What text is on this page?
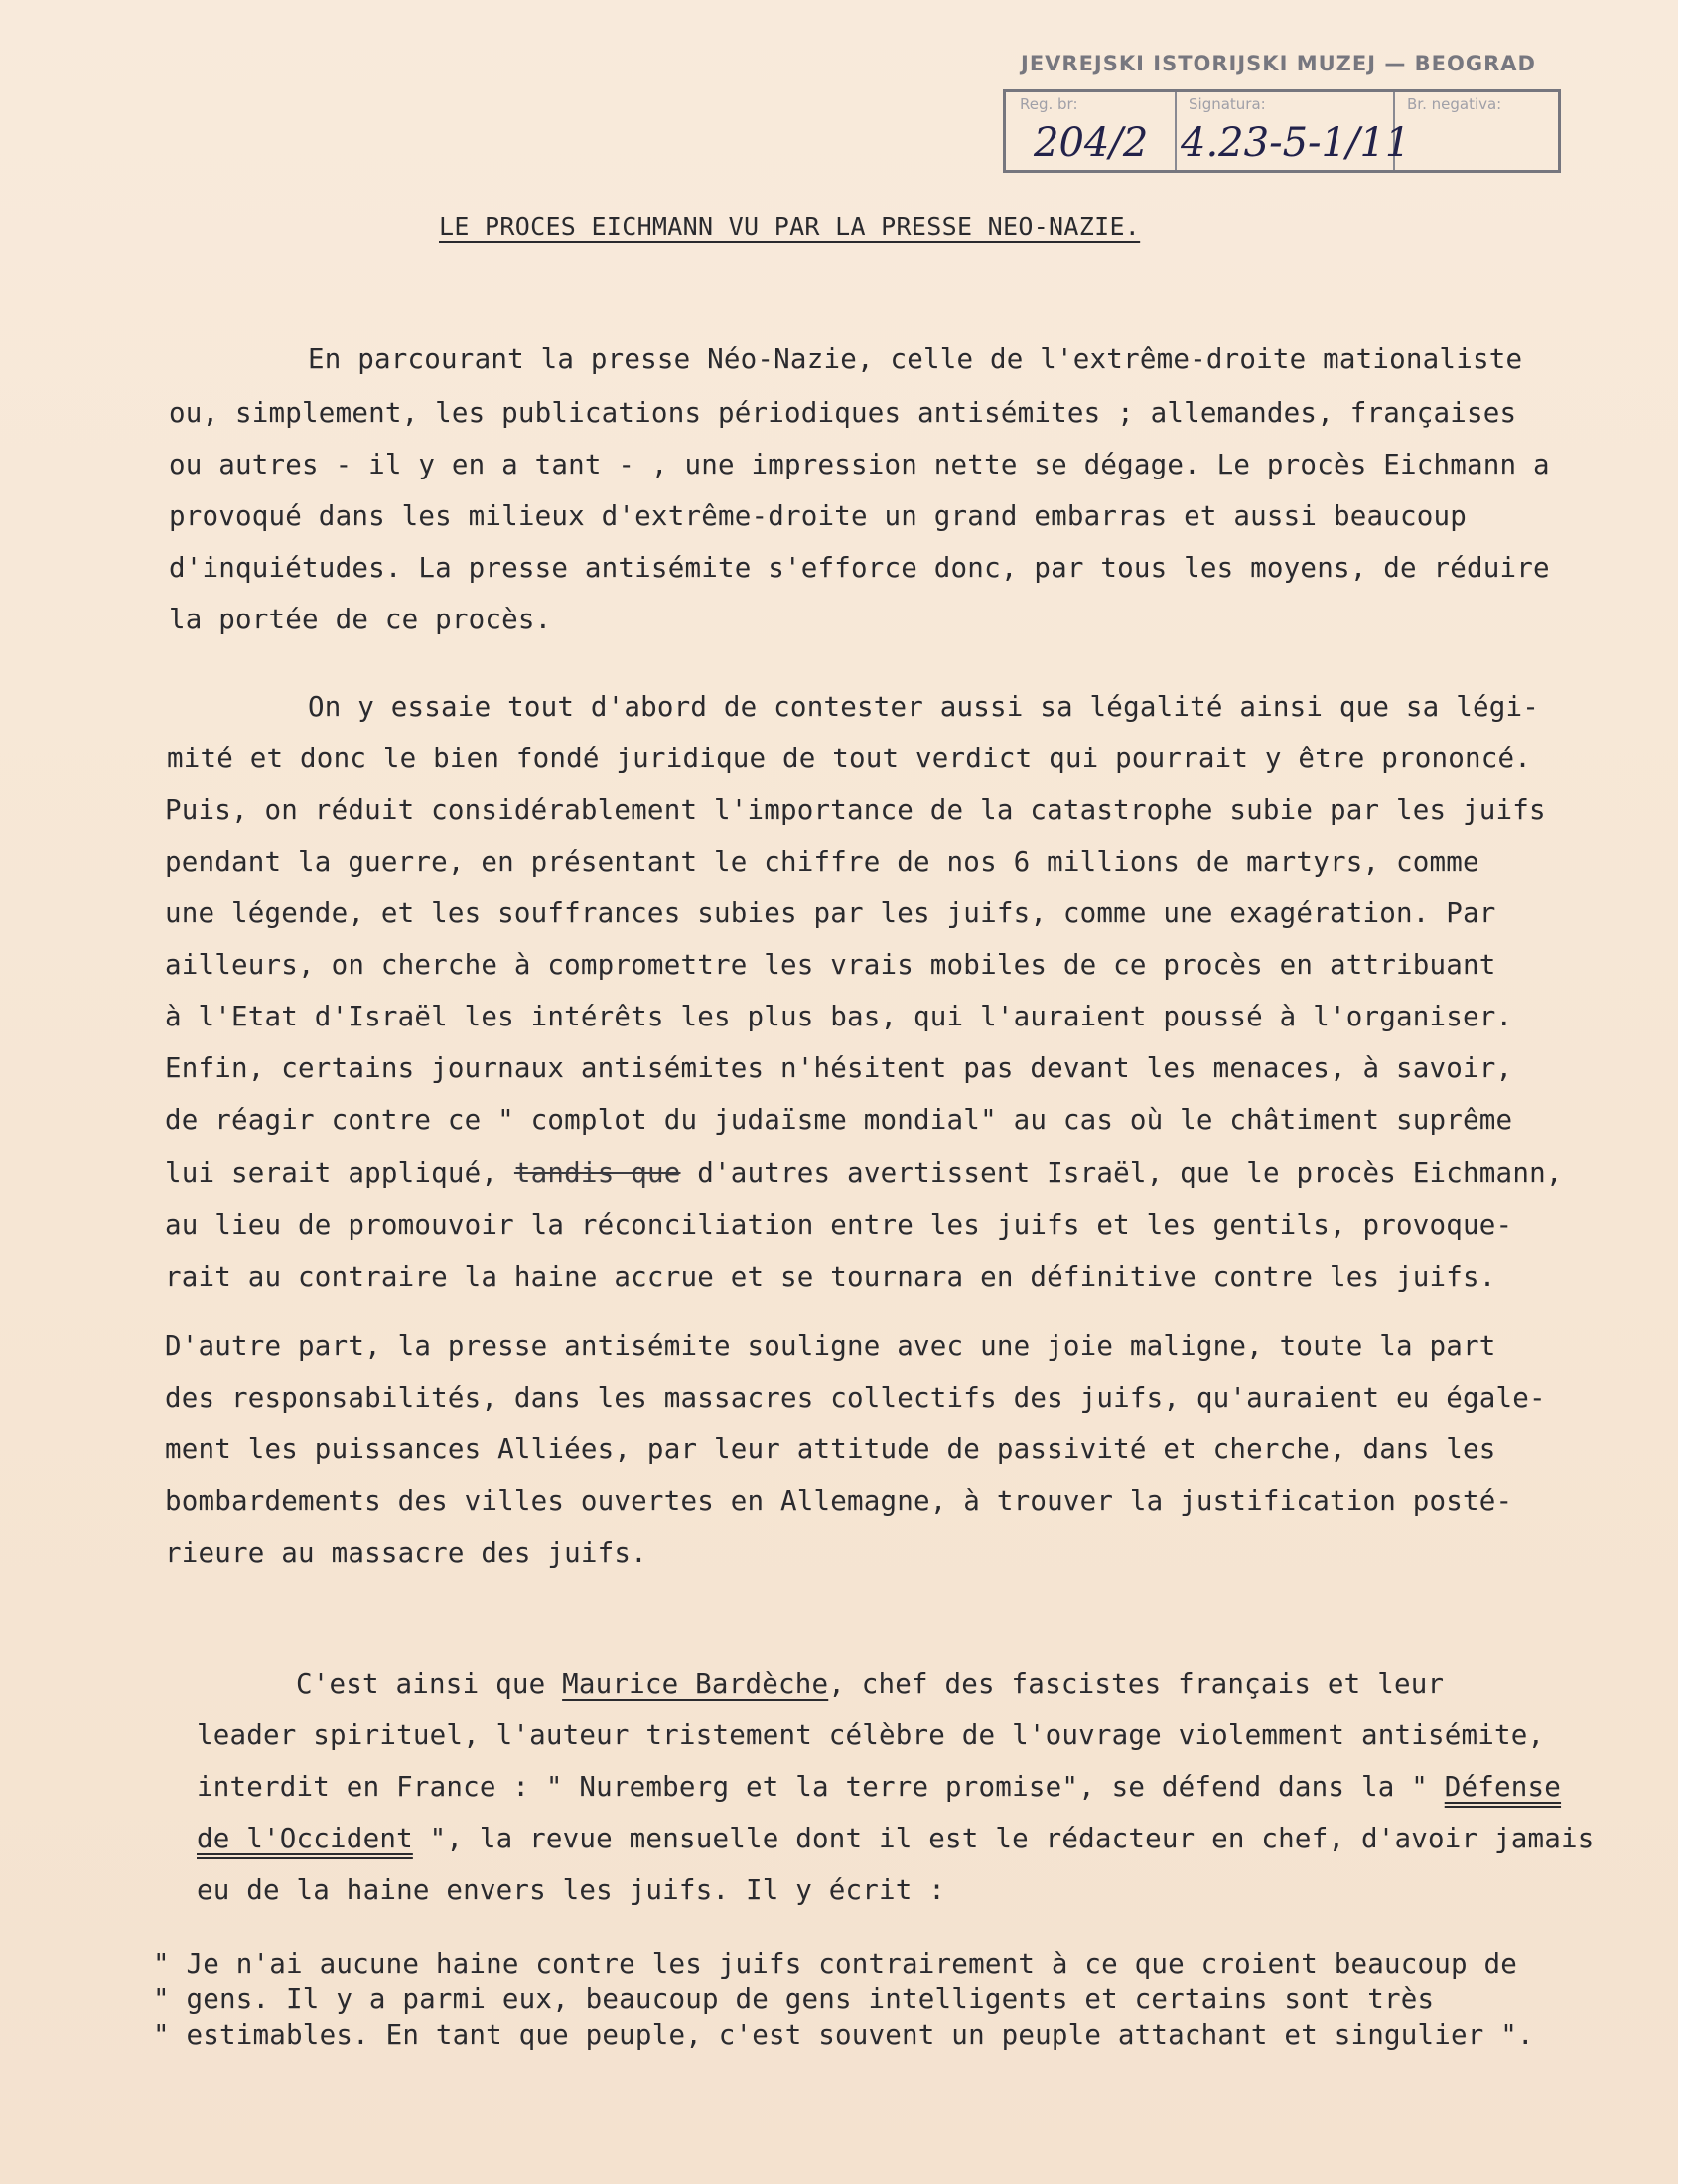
JEVREJSKI ISTORIJSKI MUZEJ — BEOGRAD
Reg. br:	Signatura:	Br. negativa:
204/2 4.23-5-1/11
LE PROCES EICHMANN VU PAR LA PRESSE NEO-NAZIE.
En parcourant la presse Néo-Nazie, celle de l'extrême-droite mationaliste
ou, simplement, les publications périodiques antisémites ; allemandes, françaises
ou autres - il y en a tant - , une impression nette se dégage. Le procès Eichmann a
provoqué dans les milieux d'extrême-droite un grand embarras et aussi beaucoup
d'inquiétudes. La presse antisémite s'efforce donc, par tous les moyens, de réduire
la portée de ce procès.
On y essaie tout d'abord de contester aussi sa légalité ainsi que sa légi-
mité et donc le bien fondé juridique de tout verdict qui pourrait y être prononcé.
Puis, on réduit considérablement l'importance de la catastrophe subie par les juifs
pendant la guerre, en présentant le chiffre de nos 6 millions de martyrs, comme
une légende, et les souffrances subies par les juifs, comme une exagération. Par
ailleurs, on cherche à compromettre les vrais mobiles de ce procès en attribuant
à l'Etat d'Israël les intérêts les plus bas, qui l'auraient poussé à l'organiser.
Enfin, certains journaux antisémites n'hésitent pas devant les menaces, à savoir,
de réagir contre ce " complot du judaïsme mondial" au cas où le châtiment suprême
lui serait appliqué, tandis que d'autres avertissent Israël, que le procès Eichmann,
au lieu de promouvoir la réconciliation entre les juifs et les gentils, provoque-
rait au contraire la haine accrue et se tournara en définitive contre les juifs.
D'autre part, la presse antisémite souligne avec une joie maligne, toute la part
des responsabilités, dans les massacres collectifs des juifs, qu'auraient eu égale-
ment les puissances Alliées, par leur attitude de passivité et cherche, dans les
bombardements des villes ouvertes en Allemagne, à trouver la justification posté-
rieure au massacre des juifs.
C'est ainsi que Maurice Bardèche, chef des fascistes français et leur
leader spirituel, l'auteur tristement célèbre de l'ouvrage violemment antisémite,
interdit en France : " Nuremberg et la terre promise", se défend dans la " Défense
de l'Occident ", la revue mensuelle dont il est le rédacteur en chef, d'avoir jamais
eu de la haine envers les juifs. Il y écrit :
" Je n'ai aucune haine contre les juifs contrairement à ce que croient beaucoup de
" gens. Il y a parmi eux, beaucoup de gens intelligents et certains sont très
" estimables. En tant que peuple, c'est souvent un peuple attachant et singulier ".
